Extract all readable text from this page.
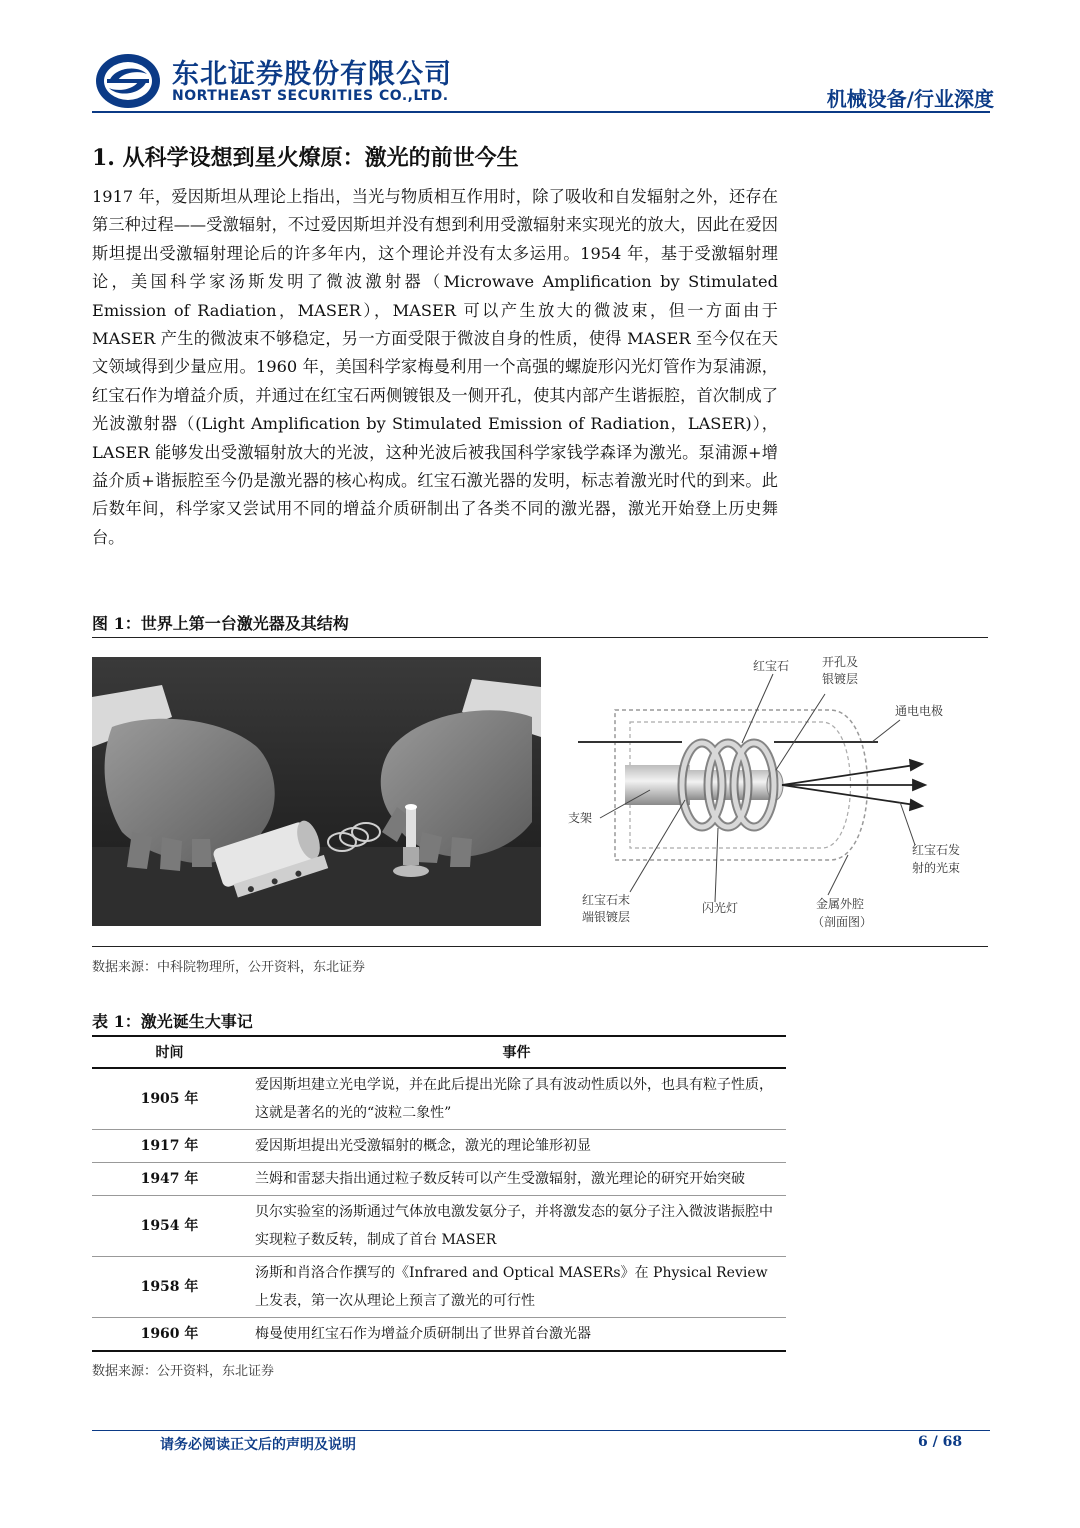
东北证券股份有限公司
NORTHEAST SECURITIES CO.,LTD.	机械设备/行业深度
1. 从科学设想到星火燎原：激光的前世今生
1917 年，爱因斯坦从理论上指出，当光与物质相互作用时，除了吸收和自发辐射之外，还存在第三种过程——受激辐射，不过爱因斯坦并没有想到利用受激辐射来实现光的放大，因此在爱因斯坦提出受激辐射理论后的许多年内，这个理论并没有太多运用。1954 年，基于受激辐射理论，美国科学家汤斯发明了微波激射器（Microwave Amplification by Stimulated Emission of Radiation，MASER），MASER 可以产生放大的微波束，但一方面由于 MASER 产生的微波束不够稳定，另一方面受限于微波自身的性质，使得 MASER 至今仅在天文领域得到少量应用。1960 年，美国科学家梅曼利用一个高强的螺旋形闪光灯管作为泵浦源，红宝石作为增益介质，并通过在红宝石两侧镀银及一侧开孔，使其内部产生谐振腔，首次制成了光波激射器（(Light Amplification by Stimulated Emission of Radiation，LASER)），LASER 能够发出受激辐射放大的光波，这种光波后被我国科学家钱学森译为激光。泵浦源+增益介质+谐振腔至今仍是激光器的核心构成。红宝石激光器的发明，标志着激光时代的到来。此后数年间，科学家又尝试用不同的增益介质研制出了各类不同的激光器，激光开始登上历史舞台。
图 1：世界上第一台激光器及其结构
红宝石	开孔及
银镀层
通电电极
支架
红宝石发
射的光束
红宝石末
端银镀层
闪光灯	金属外腔
（剖面图）
数据来源：中科院物理所，公开资料，东北证券
表 1：激光诞生大事记
时间	事件
1905 年	爱因斯坦建立光电学说，并在此后提出光除了具有波动性质以外，也具有粒子性质，这就是著名的光的“波粒二象性”
1917 年	爱因斯坦提出光受激辐射的概念，激光的理论雏形初显
1947 年	兰姆和雷瑟夫指出通过粒子数反转可以产生受激辐射，激光理论的研究开始突破
1954 年	贝尔实验室的汤斯通过气体放电激发氨分子，并将激发态的氨分子注入微波谐振腔中实现粒子数反转，制成了首台 MASER
1958 年	汤斯和肖洛合作撰写的《Infrared and Optical MASERs》在 Physical Review 上发表，第一次从理论上预言了激光的可行性
1960 年	梅曼使用红宝石作为增益介质研制出了世界首台激光器
数据来源：公开资料，东北证券
请务必阅读正文后的声明及说明	6 / 68
